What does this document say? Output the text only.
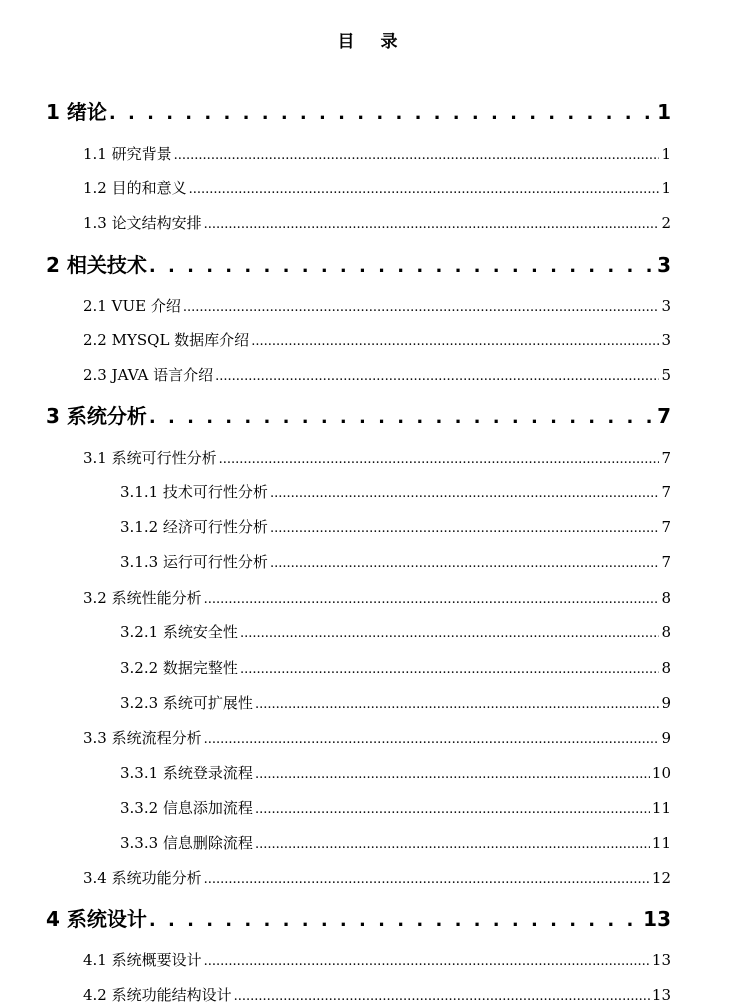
目 录
1 绪论 . . .	1
1.1 研究背景 .....	1
1.2 目的和意义 .....	1
1.3 论文结构安排 .....	2
2 相关技术 . . .	3
2.1 VUE 介绍 .....	3
2.2 MYSQL 数据库介绍 .....	3
2.3 JAVA 语言介绍 .....	5
3 系统分析 . . .	7
3.1 系统可行性分析 .....	7
3.1.1 技术可行性分析 .....	7
3.1.2 经济可行性分析 .....	7
3.1.3 运行可行性分析 .....	7
3.2 系统性能分析 .....	8
3.2.1 系统安全性 .....	8
3.2.2 数据完整性 .....	8
3.2.3 系统可扩展性 .....	9
3.3 系统流程分析 .....	9
3.3.1 系统登录流程 .....	10
3.3.2 信息添加流程 .....	11
3.3.3 信息删除流程 .....	11
3.4 系统功能分析 .....	12
4 系统设计 . . .	13
4.1 系统概要设计 .....	13
4.2 系统功能结构设计 .....	13
